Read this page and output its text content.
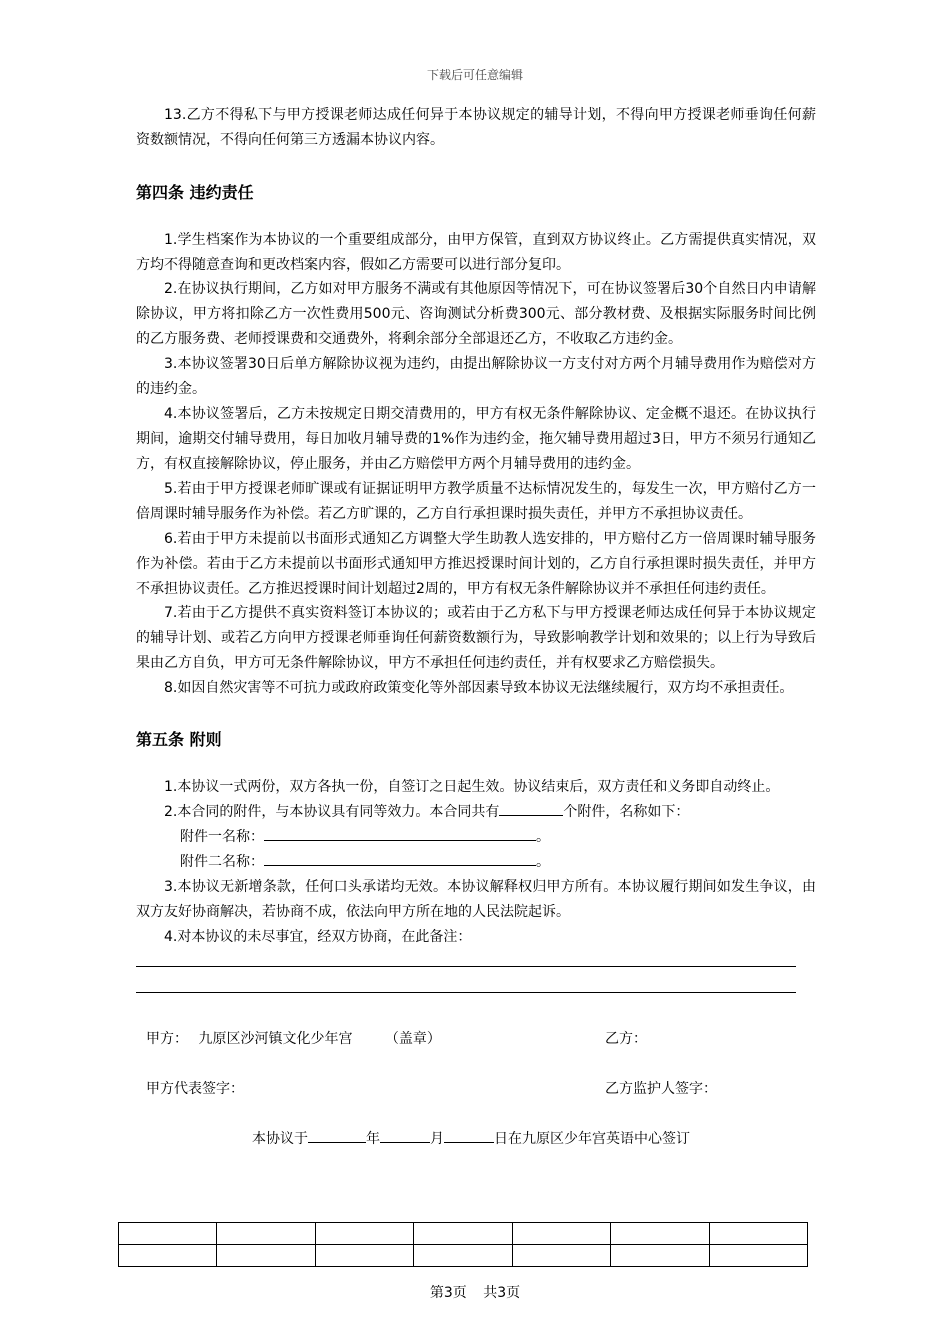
下载后可任意编辑
13.乙方不得私下与甲方授课老师达成任何异于本协议规定的辅导计划，不得向甲方授课老师垂询任何薪资数额情况，不得向任何第三方透漏本协议内容。
第四条 违约责任
1.学生档案作为本协议的一个重要组成部分，由甲方保管，直到双方协议终止。乙方需提供真实情况，双方均不得随意查询和更改档案内容，假如乙方需要可以进行部分复印。
2.在协议执行期间，乙方如对甲方服务不满或有其他原因等情况下，可在协议签署后30个自然日内申请解除协议，甲方将扣除乙方一次性费用500元、咨询测试分析费300元、部分教材费、及根据实际服务时间比例的乙方服务费、老师授课费和交通费外，将剩余部分全部退还乙方，不收取乙方违约金。
3.本协议签署30日后单方解除协议视为违约，由提出解除协议一方支付对方两个月辅导费用作为赔偿对方的违约金。
4.本协议签署后，乙方未按规定日期交清费用的，甲方有权无条件解除协议、定金概不退还。在协议执行期间，逾期交付辅导费用，每日加收月辅导费的1%作为违约金，拖欠辅导费用超过3日，甲方不须另行通知乙方，有权直接解除协议，停止服务，并由乙方赔偿甲方两个月辅导费用的违约金。
5.若由于甲方授课老师旷课或有证据证明甲方教学质量不达标情况发生的，每发生一次，甲方赔付乙方一倍周课时辅导服务作为补偿。若乙方旷课的，乙方自行承担课时损失责任，并甲方不承担协议责任。
6.若由于甲方未提前以书面形式通知乙方调整大学生助教人选安排的，甲方赔付乙方一倍周课时辅导服务作为补偿。若由于乙方未提前以书面形式通知甲方推迟授课时间计划的，乙方自行承担课时损失责任，并甲方不承担协议责任。乙方推迟授课时间计划超过2周的，甲方有权无条件解除协议并不承担任何违约责任。
7.若由于乙方提供不真实资料签订本协议的；或若由于乙方私下与甲方授课老师达成任何异于本协议规定的辅导计划、或若乙方向甲方授课老师垂询任何薪资数额行为，导致影响教学计划和效果的；以上行为导致后果由乙方自负，甲方可无条件解除协议，甲方不承担任何违约责任，并有权要求乙方赔偿损失。
8.如因自然灾害等不可抗力或政府政策变化等外部因素导致本协议无法继续履行，双方均不承担责任。
第五条 附则
1.本协议一式两份，双方各执一份，自签订之日起生效。协议结束后，双方责任和义务即自动终止。
2.本合同的附件，与本协议具有同等效力。本合同共有	个附件，名称如下：
附件一名称：	。
附件二名称：	。
3.本协议无新增条款，任何口头承诺均无效。本协议解释权归甲方所有。本协议履行期间如发生争议，由双方友好协商解决，若协商不成，依法向甲方所在地的人民法院起诉。
4.对本协议的未尽事宜，经双方协商，在此备注：
甲方： 九原区沙河镇文化少年宫 （盖章）	乙方：
甲方代表签字：	乙方监护人签字：
本协议于	年	月	日在九原区少年宫英语中心签订

第3页 共3页
